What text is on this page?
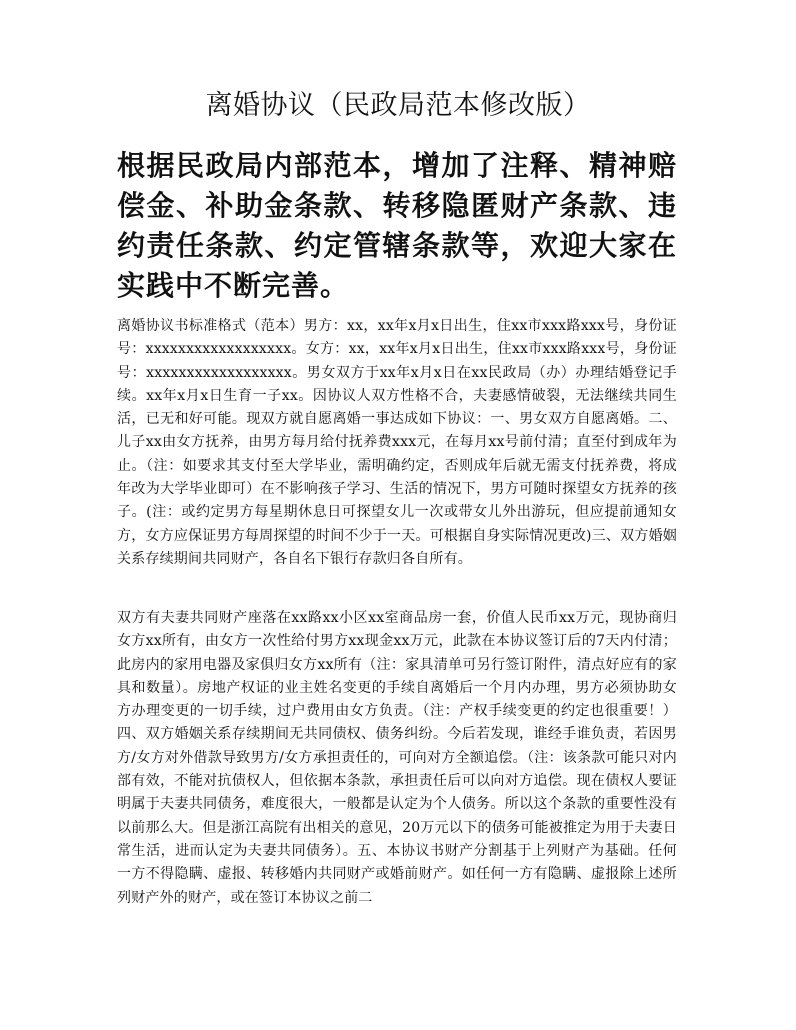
离婚协议（民政局范本修改版）

根据民政局内部范本，增加了注释、精神赔偿金、补助金条款、转移隐匿财产条款、违约责任条款、约定管辖条款等，欢迎大家在实践中不断完善。

离婚协议书标准格式（范本）男方：xx，xx年x月x日出生，住xx市xxx路xxx号，身份证号：xxxxxxxxxxxxxxxxxx。女方：xx，xx年x月x日出生，住xx市xxx路xxx号，身份证号：xxxxxxxxxxxxxxxxxx。男女双方于xx年x月x日在xx民政局（办）办理结婚登记手续。xx年x月x日生育一子xx。因协议人双方性格不合，夫妻感情破裂，无法继续共同生活，已无和好可能。现双方就自愿离婚一事达成如下协议：一、男女双方自愿离婚。二、儿子xx由女方抚养，由男方每月给付抚养费xxx元，在每月xx号前付清；直至付到成年为止。（注：如要求其支付至大学毕业，需明确约定，否则成年后就无需支付抚养费，将成年改为大学毕业即可）在不影响孩子学习、生活的情况下，男方可随时探望女方抚养的孩子。(注：或约定男方每星期休息日可探望女儿一次或带女儿外出游玩，但应提前通知女方，女方应保证男方每周探望的时间不少于一天。可根据自身实际情况更改)三、双方婚姻关系存续期间共同财产，各自名下银行存款归各自所有。

双方有夫妻共同财产座落在xx路xx小区xx室商品房一套，价值人民币xx万元，现协商归女方xx所有，由女方一次性给付男方xx现金xx万元，此款在本协议签订后的7天内付清；此房内的家用电器及家俱归女方xx所有（注：家具清单可另行签订附件，清点好应有的家具和数量）。房地产权证的业主姓名变更的手续自离婚后一个月内办理，男方必须协助女方办理变更的一切手续，过户费用由女方负责。（注：产权手续变更的约定也很重要！）四、双方婚姻关系存续期间无共同债权、债务纠纷。今后若发现，谁经手谁负责，若因男方/女方对外借款导致男方/女方承担责任的，可向对方全额追偿。（注：该条款可能只对内部有效，不能对抗债权人，但依据本条款，承担责任后可以向对方追偿。现在债权人要证明属于夫妻共同债务，难度很大，一般都是认定为个人债务。所以这个条款的重要性没有以前那么大。但是浙江高院有出相关的意见，20万元以下的债务可能被推定为用于夫妻日常生活，进而认定为夫妻共同债务）。五、本协议书财产分割基于上列财产为基础。任何一方不得隐瞒、虚报、转移婚内共同财产或婚前财产。如任何一方有隐瞒、虚报除上述所列财产外的财产，或在签订本协议之前二
